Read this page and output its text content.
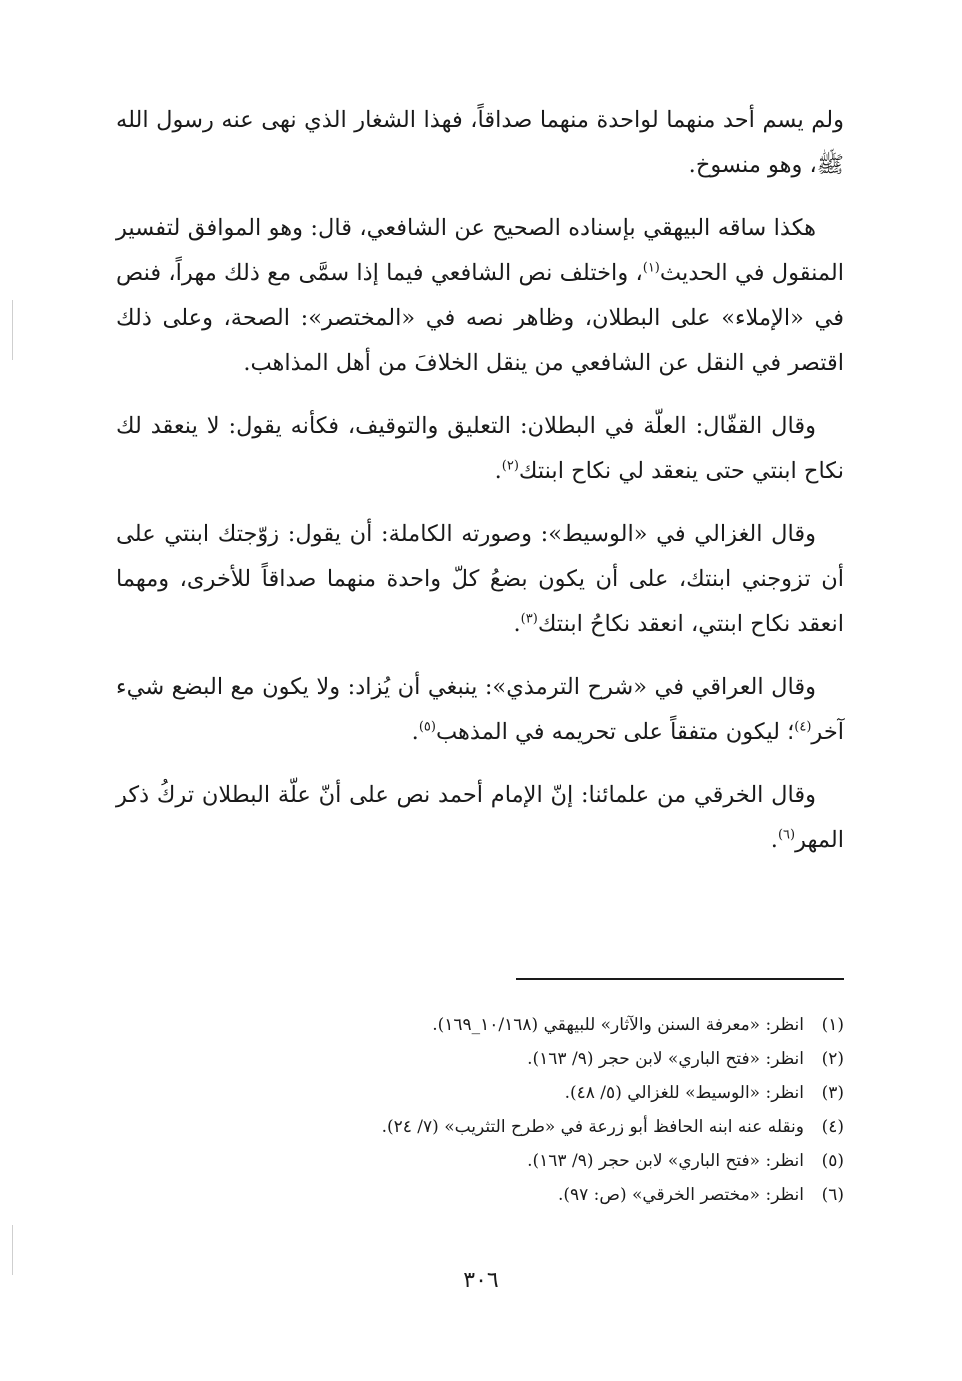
ولم يسم أحد منهما لواحدة منهما صداقاً، فهذا الشغار الذي نهى عنه رسول الله ﷺ، وهو منسوخ.

هكذا ساقه البيهقي بإسناده الصحيح عن الشافعي، قال: وهو الموافق لتفسير المنقول في الحديث$^{(١)}$، واختلف نص الشافعي فيما إذا سمَّى مع ذلك مهراً، فنص في «الإملاء» على البطلان، وظاهر نصه في «المختصر»: الصحة، وعلى ذلك اقتصر في النقل عن الشافعي من ينقل الخلافَ من أهل المذاهب.

وقال القفّال: العلّة في البطلان: التعليق والتوقيف، فكأنه يقول: لا ينعقد لك نكاح ابنتي حتى ينعقد لي نكاح ابنتك$^{(٢)}$.

وقال الغزالي في «الوسيط»: وصورته الكاملة: أن يقول: زوّجتك ابنتي على أن تزوجني ابنتك، على أن يكون بضعُ كلّ واحدة منهما صداقاً للأخرى، ومهما انعقد نكاح ابنتي، انعقد نكاحُ ابنتك$^{(٣)}$.

وقال العراقي في «شرح الترمذي»: ينبغي أن يُزاد: ولا يكون مع البضع شيء آخر$^{(٤)}$؛ ليكون متفقاً على تحريمه في المذهب$^{(٥)}$.

وقال الخرقي من علمائنا: إنّ الإمام أحمد نص على أنّ علّة البطلان تركُ ذكر المهر$^{(٦)}$.

(١)انظر: «معرفة السنن والآثار» للبيهقي (١٠/١٦٨_١٦٩).
(٢)انظر: «فتح الباري» لابن حجر (٩/ ١٦٣).
(٣)انظر: «الوسيط» للغزالي (٥/ ٤٨).
(٤)ونقله عنه ابنه الحافظ أبو زرعة في «طرح التثريب» (٧/ ٢٤).
(٥)انظر: «فتح الباري» لابن حجر (٩/ ١٦٣).
(٦)انظر: «مختصر الخرقي» (ص: ٩٧).
٣٠٦
